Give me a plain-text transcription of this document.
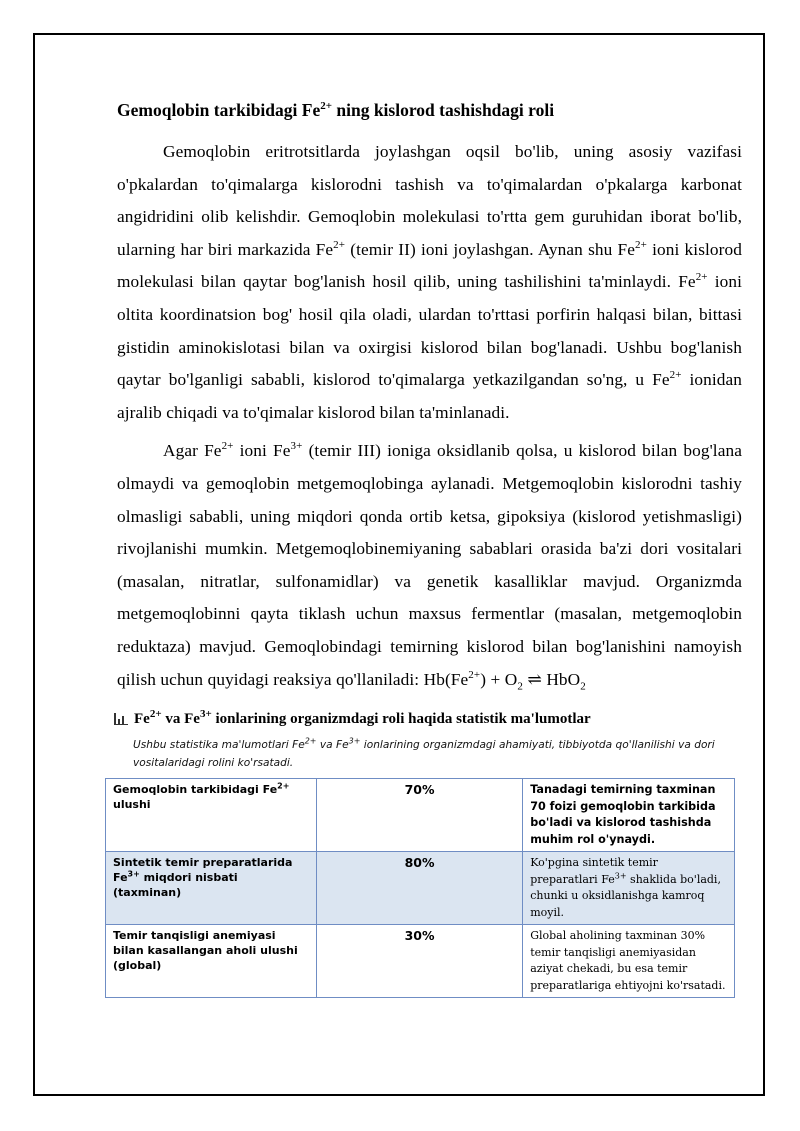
Gemoqlobin tarkibidagi $Fe^{2+}$ ning kislorod tashishdagi roli

Gemoqlobin eritrotsitlarda joylashgan oqsil bo'lib, uning asosiy vazifasi o'pkalardan to'qimalarga kislorodni tashish va to'qimalardan o'pkalarga karbonat angidridini olib kelishdir. Gemoqlobin molekulasi to'rtta gem guruhidan iborat bo'lib, ularning har biri markazida $Fe^{2+}$ (temir II) ioni joylashgan. Aynan shu $Fe^{2+}$ ioni kislorod molekulasi bilan qaytar bog'lanish hosil qilib, uning tashilishini ta'minlaydi. $Fe^{2+}$ ioni oltita koordinatsion bog' hosil qila oladi, ulardan to'rttasi porfirin halqasi bilan, bittasi gistidin aminokislotasi bilan va oxirgisi kislorod bilan bog'lanadi. Ushbu bog'lanish qaytar bo'lganligi sababli, kislorod to'qimalarga yetkazilgandan so'ng, u $Fe^{2+}$ ionidan ajralib chiqadi va to'qimalar kislorod bilan ta'minlanadi.

Agar $Fe^{2+}$ ioni $Fe^{3+}$ (temir III) ioniga oksidlanib qolsa, u kislorod bilan bog'lana olmaydi va gemoqlobin metgemoqlobinga aylanadi. Metgemoqlobin kislorodni tashiy olmasligi sababli, uning miqdori qonda ortib ketsa, gipoksiya (kislorod yetishmasligi) rivojlanishi mumkin. Metgemoqlobinemiyaning sabablari orasida ba'zi dori vositalari (masalan, nitratlar, sulfonamidlar) va genetik kasalliklar mavjud. Organizmda metgemoqlobinni qayta tiklash uchun maxsus fermentlar (masalan, metgemoqlobin reduktaza) mavjud. Gemoqlobindagi temirning kislorod bilan bog'lanishini namoyish qilish uchun quyidagi reaksiya qo'llaniladi: $Hb(Fe^{2+}) + O_2$ ⇌ HbO$_2$

$Fe^{2+}$ va $Fe^{3+}$ ionlarining organizmdagi roli haqida statistik ma'lumotlar
Ushbu statistika ma'lumotlari $Fe^{2+}$ va $Fe^{3+}$ ionlarining organizmdagi ahamiyati, tibbiyotda qo'llanilishi va dori vositalaridagi rolini ko'rsatadi.
Gemoqlobin tarkibidagi $Fe^{2+}$ ulushi	70%	Tanadagi temirning taxminan 70 foizi gemoqlobin tarkibida bo'ladi va kislorod tashishda muhim rol o'ynaydi.
Sintetik temir preparatlarida $Fe^{3+}$ miqdori nisbati (taxminan)	80%	Ko'pgina sintetik temir preparatlari $Fe^{3+}$ shaklida bo'ladi, chunki u oksidlanishga kamroq moyil.
Temir tanqisligi anemiyasi bilan kasallangan aholi ulushi (global)	30%	Global aholining taxminan 30% temir tanqisligi anemiyasidan aziyat chekadi, bu esa temir preparatlariga ehtiyojni ko'rsatadi.
